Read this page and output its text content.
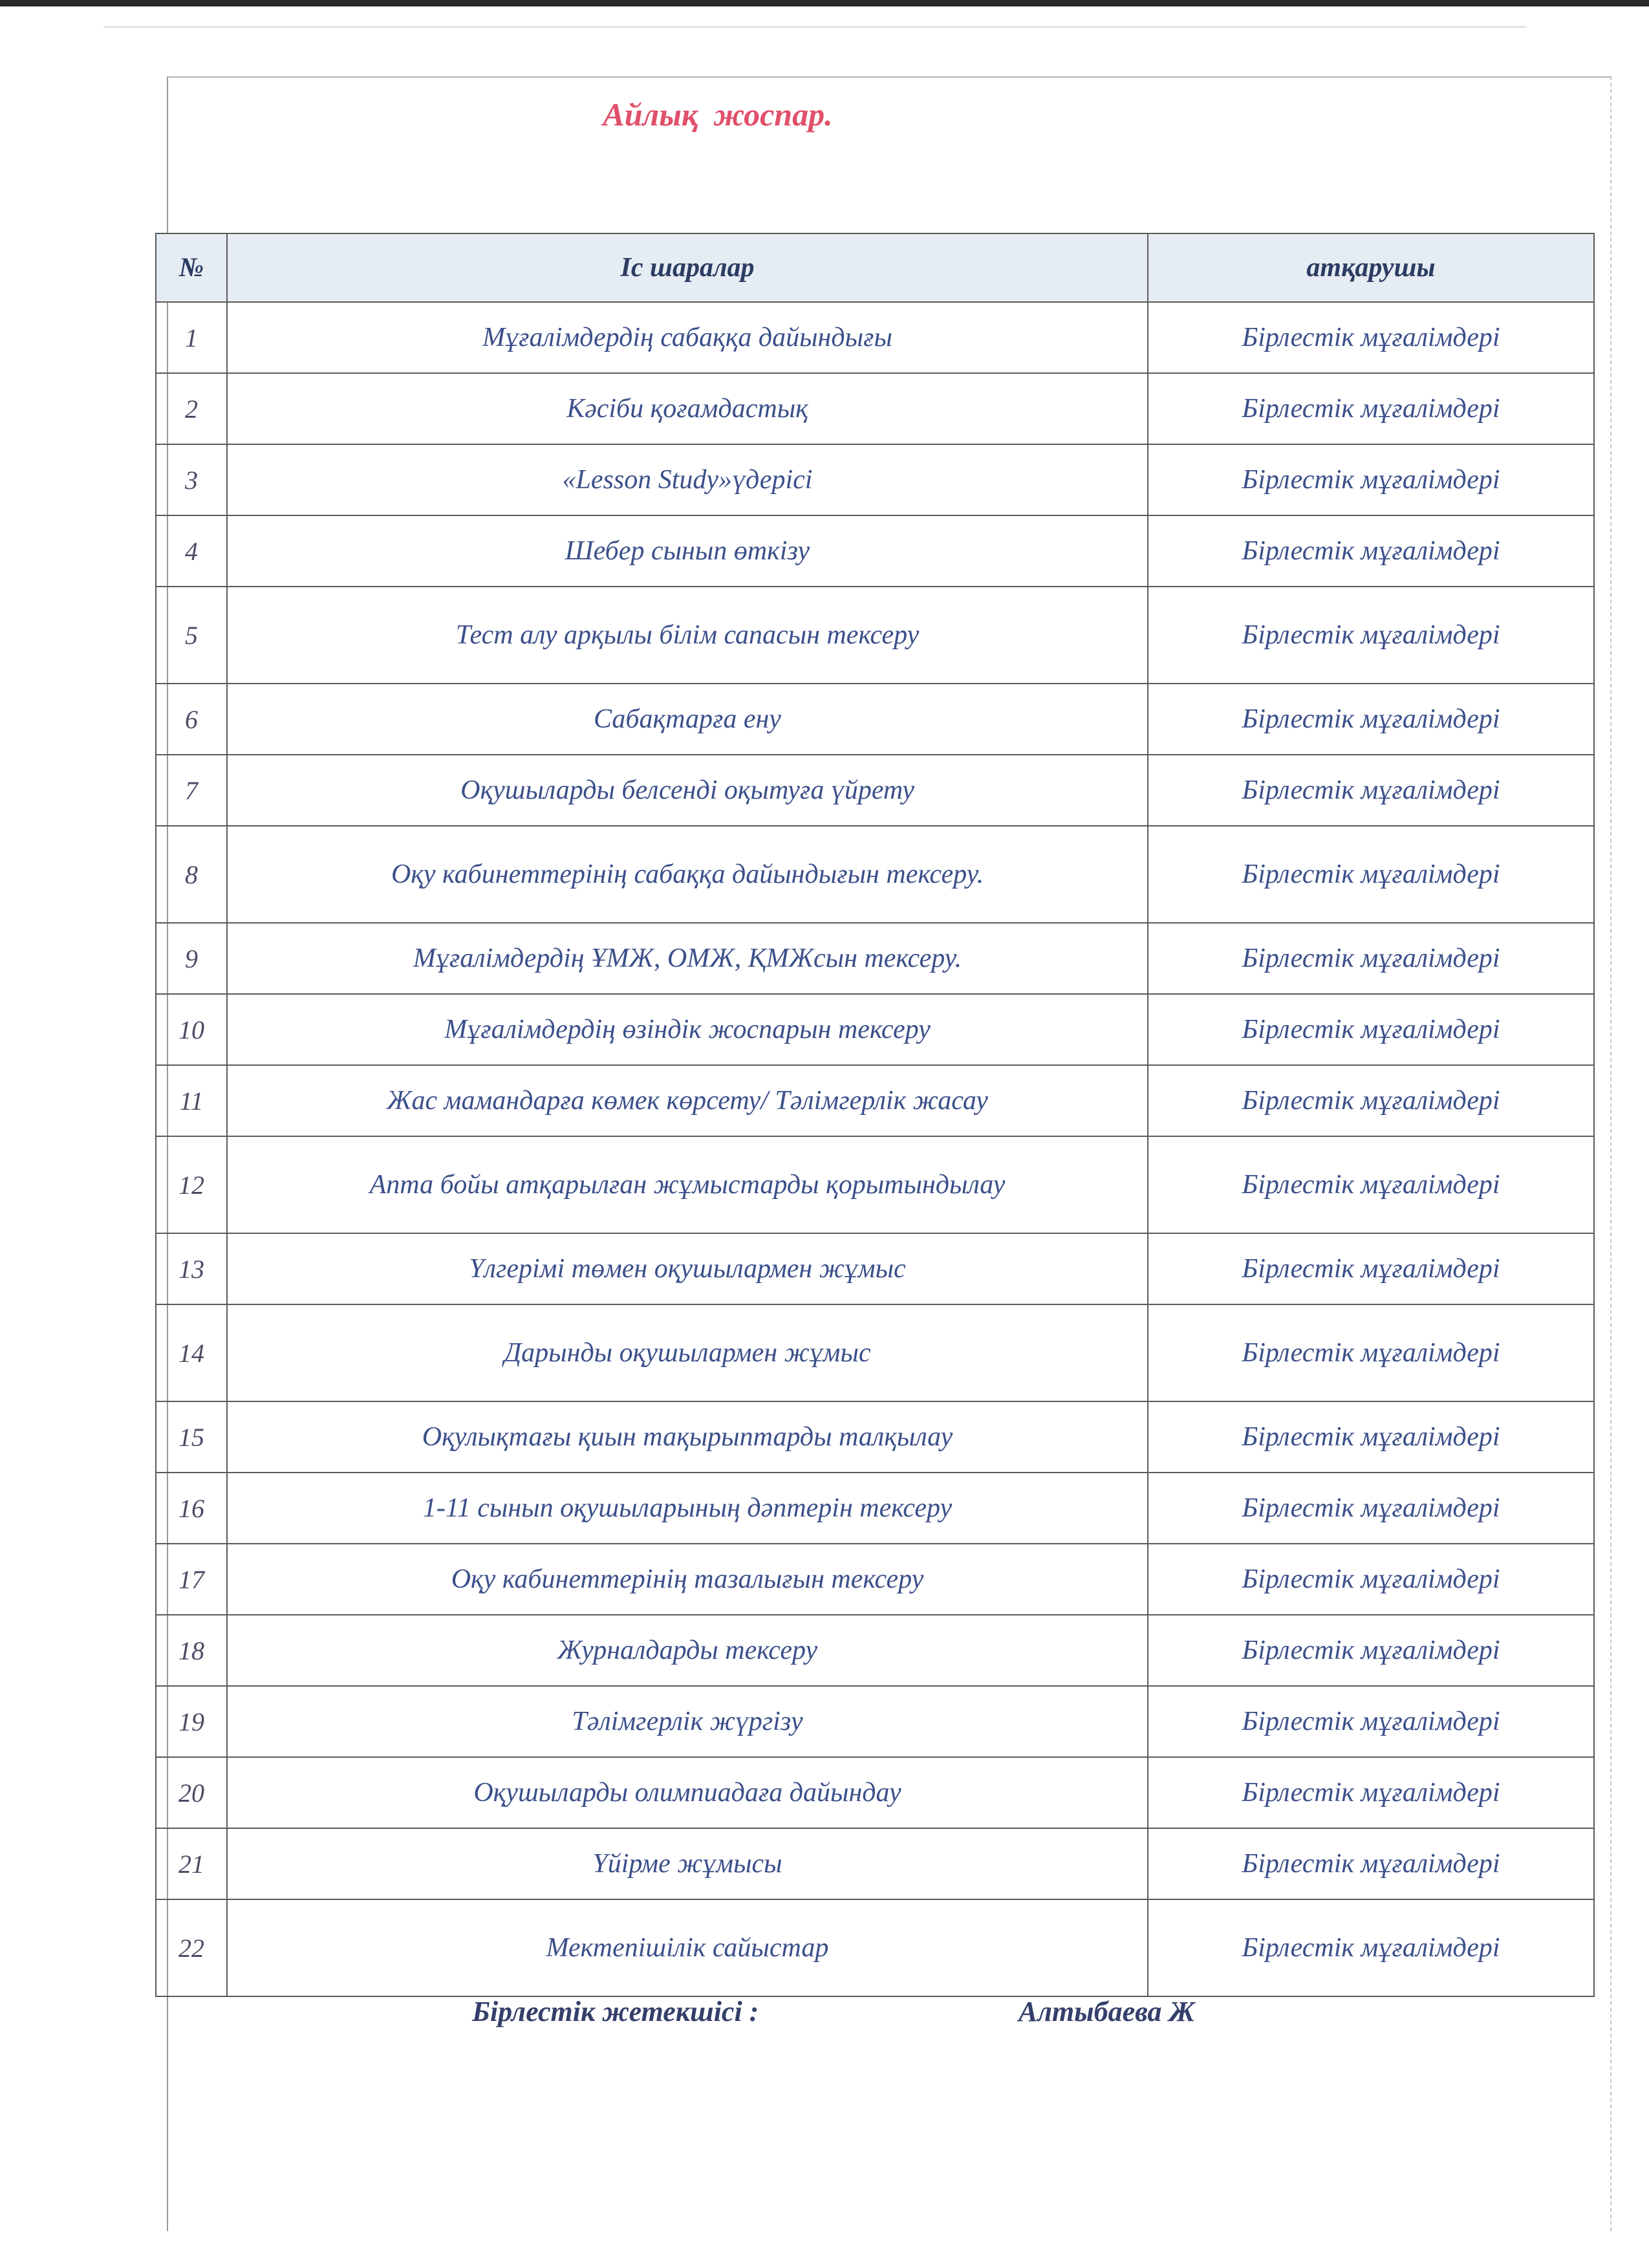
Айлық жоспар.
№	Іс шаралар	атқарушы
1	Мұғалімдердің сабаққа дайындығы	Бірлестік мұғалімдері
2	Кәсіби қоғамдастық	Бірлестік мұғалімдері
3	«Lesson Study»үдерісі	Бірлестік мұғалімдері
4	Шебер сынып өткізу	Бірлестік мұғалімдері
5	Тест алу арқылы білім сапасын тексеру	Бірлестік мұғалімдері
6	Сабақтарға ену	Бірлестік мұғалімдері
7	Оқушыларды белсенді оқытуға үйрету	Бірлестік мұғалімдері
8	Оқу кабинеттерінің сабаққа дайындығын тексеру.	Бірлестік мұғалімдері
9	Мұғалімдердің ҰМЖ, ОМЖ, ҚМЖсын тексеру.	Бірлестік мұғалімдері
10	Мұғалімдердің өзіндік жоспарын тексеру	Бірлестік мұғалімдері
11	Жас мамандарға көмек көрсету/ Тәлімгерлік жасау	Бірлестік мұғалімдері
12	Апта бойы атқарылған жұмыстарды қорытындылау	Бірлестік мұғалімдері
13	Үлгерімі төмен оқушылармен жұмыс	Бірлестік мұғалімдері
14	Дарынды оқушылармен жұмыс	Бірлестік мұғалімдері
15	Оқулықтағы қиын тақырыптарды талқылау	Бірлестік мұғалімдері
16	1-11 сынып оқушыларының дәптерін тексеру	Бірлестік мұғалімдері
17	Оқу кабинеттерінің тазалығын тексеру	Бірлестік мұғалімдері
18	Журналдарды тексеру	Бірлестік мұғалімдері
19	Тәлімгерлік жүргізу	Бірлестік мұғалімдері
20	Оқушыларды олимпиадаға дайындау	Бірлестік мұғалімдері
21	Үйірме жұмысы	Бірлестік мұғалімдері
22	Мектепішілік сайыстар	Бірлестік мұғалімдері
Бірлестік жетекшісі :	Алтыбаева Ж
